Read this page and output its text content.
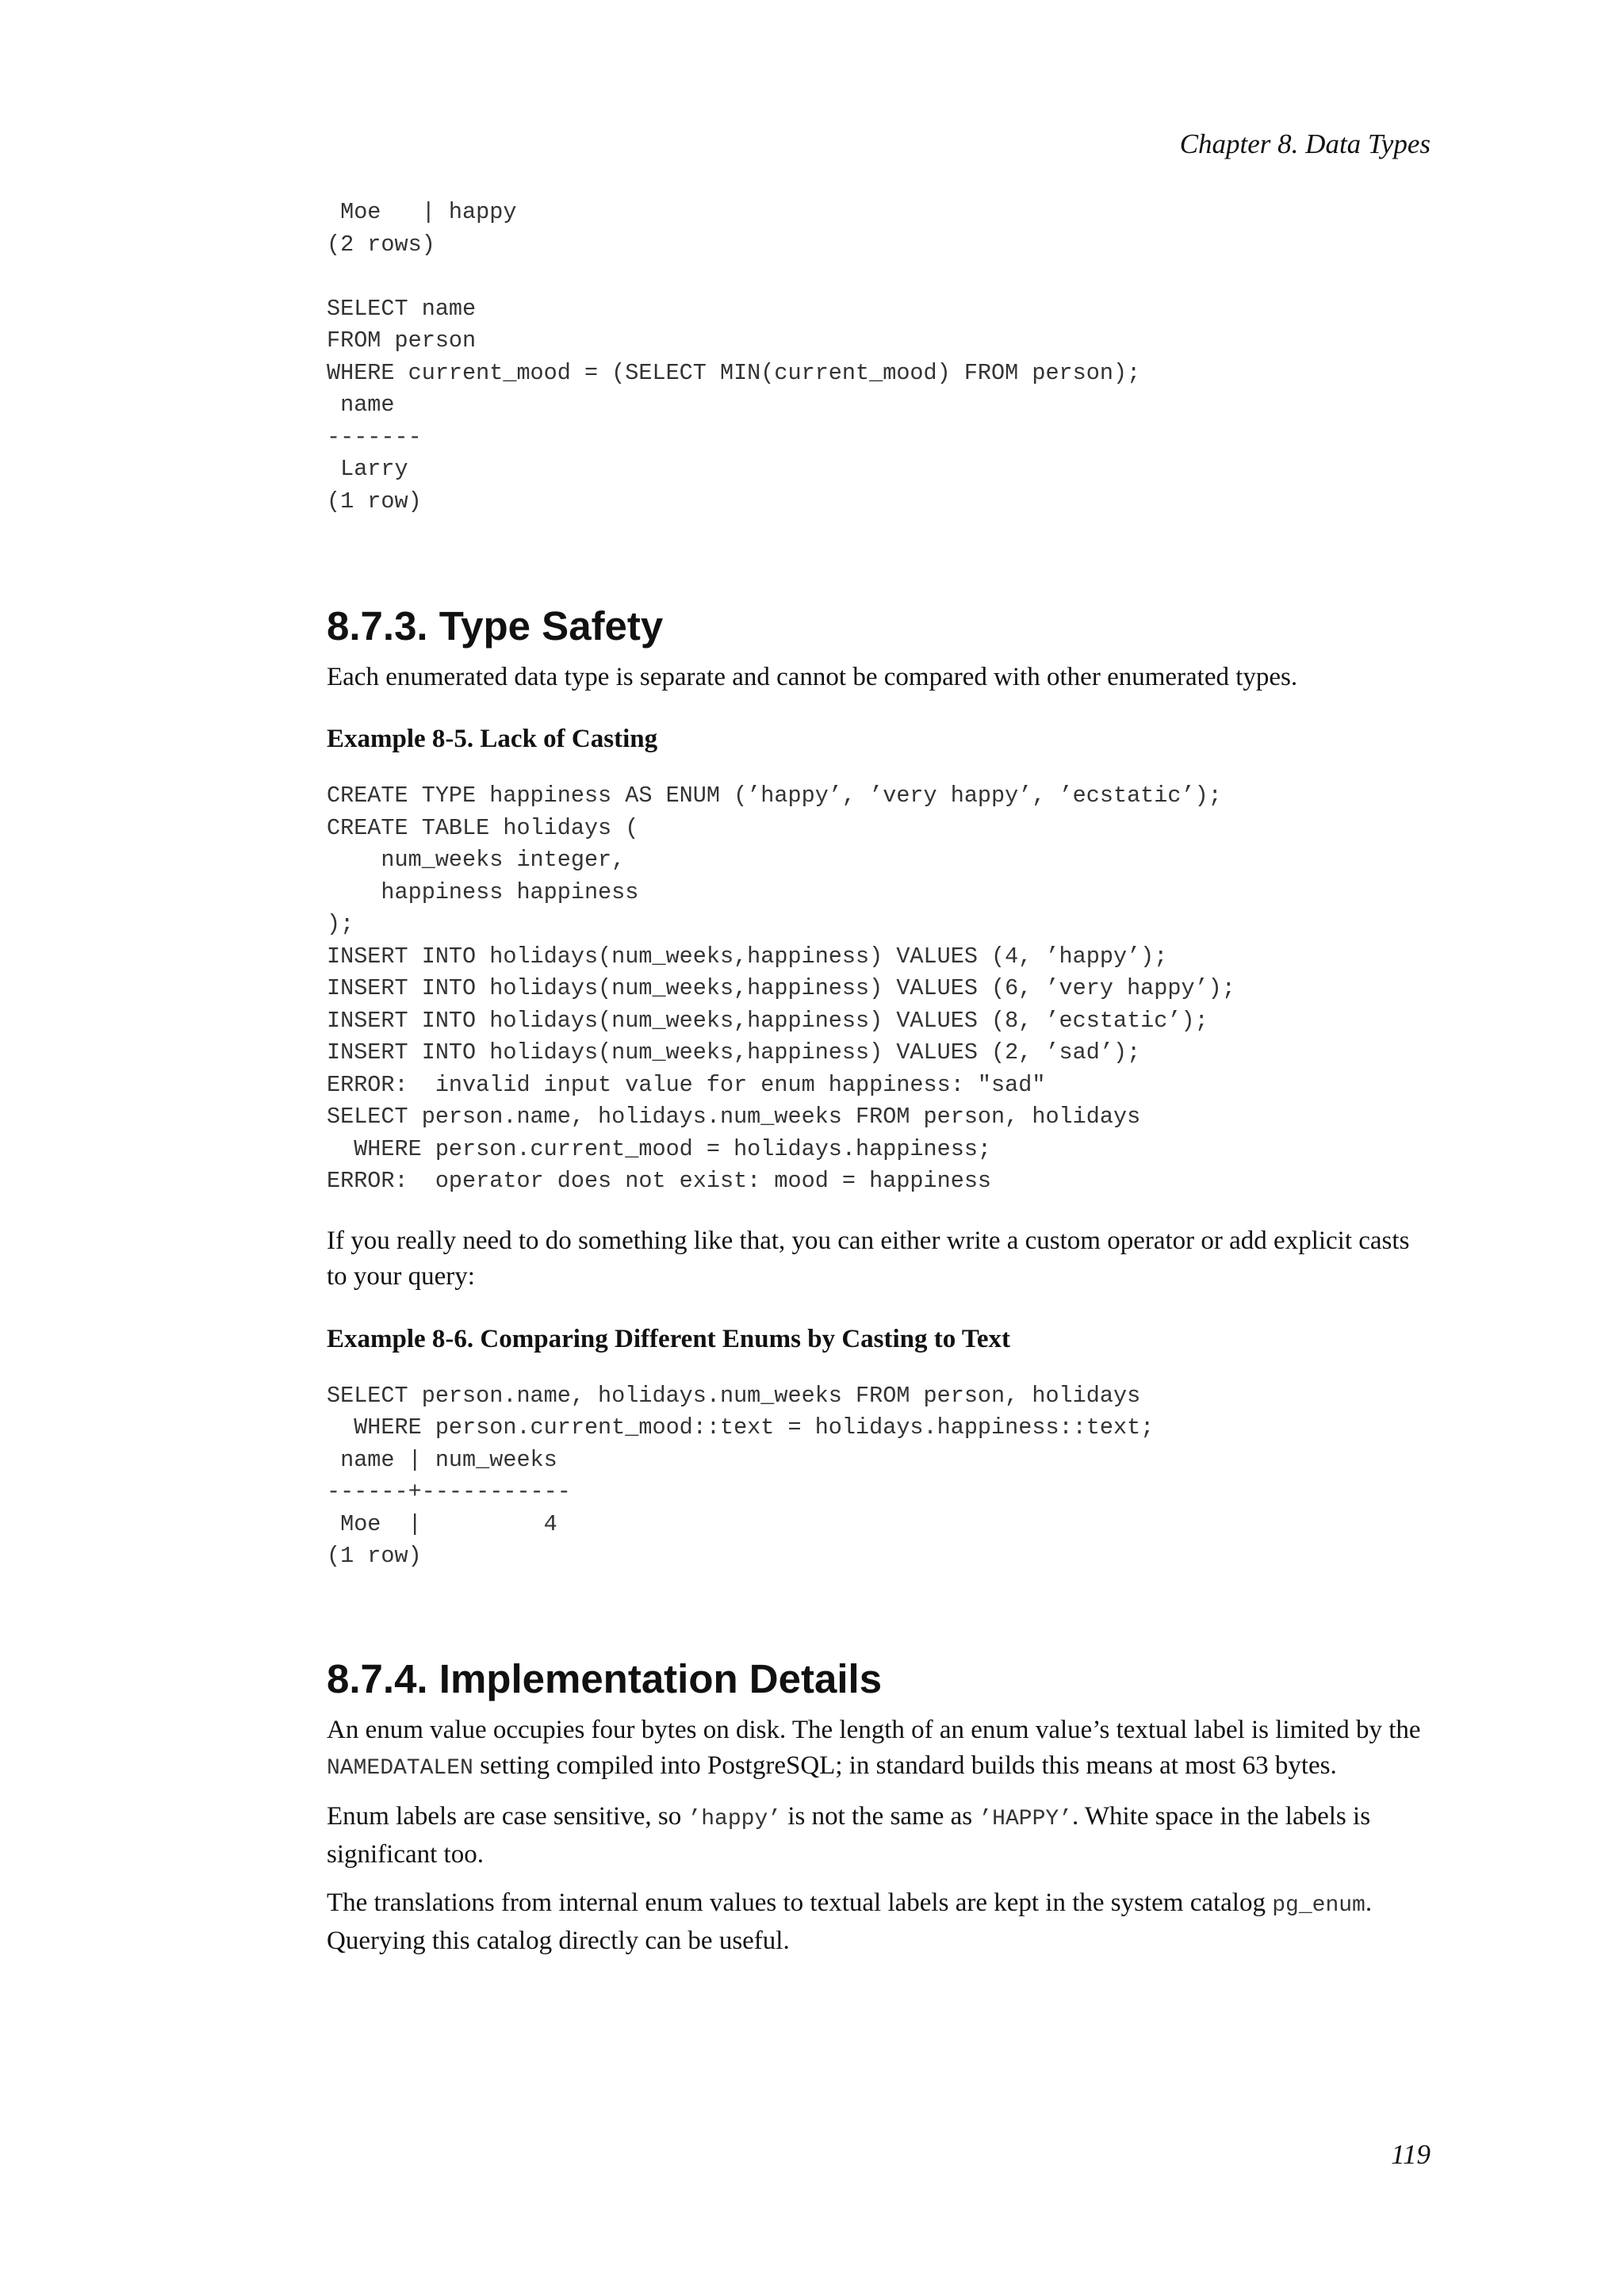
Chapter 8. Data Types
Moe   | happy
(2 rows)

SELECT name
FROM person
WHERE current_mood = (SELECT MIN(current_mood) FROM person);
name
-------
Larry
(1 row)
8.7.3. Type Safety

Each enumerated data type is separate and cannot be compared with other enumerated types.

Example 8-5. Lack of Casting
CREATE TYPE happiness AS ENUM (’happy’, ’very happy’, ’ecstatic’);
CREATE TABLE holidays (
num_weeks integer,
happiness happiness
);
INSERT INTO holidays(num_weeks,happiness) VALUES (4, ’happy’);
INSERT INTO holidays(num_weeks,happiness) VALUES (6, ’very happy’);
INSERT INTO holidays(num_weeks,happiness) VALUES (8, ’ecstatic’);
INSERT INTO holidays(num_weeks,happiness) VALUES (2, ’sad’);
ERROR:  invalid input value for enum happiness: "sad"
SELECT person.name, holidays.num_weeks FROM person, holidays
WHERE person.current_mood = holidays.happiness;
ERROR:  operator does not exist: mood = happiness

If you really need to do something like that, you can either write a custom operator or add explicit casts to your query:

Example 8-6. Comparing Different Enums by Casting to Text
SELECT person.name, holidays.num_weeks FROM person, holidays
WHERE person.current_mood::text = holidays.happiness::text;
name | num_weeks
------+-----------
Moe  |         4
(1 row)
8.7.4. Implementation Details

An enum value occupies four bytes on disk. The length of an enum value’s textual label is limited by the NAMEDATALEN setting compiled into PostgreSQL; in standard builds this means at most 63 bytes.

Enum labels are case sensitive, so ’happy’ is not the same as ’HAPPY’. White space in the labels is significant too.

The translations from internal enum values to textual labels are kept in the system catalog pg_enum. Querying this catalog directly can be useful.

119
